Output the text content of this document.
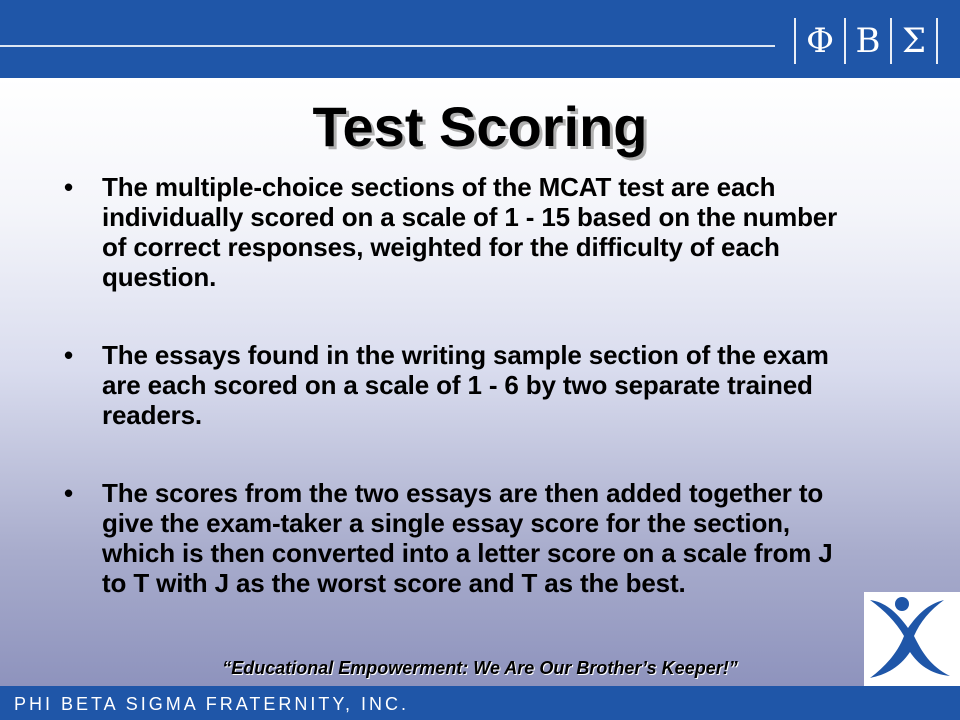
Φ Β Σ
Test Scoring
• The multiple-choice sections of the MCAT test are each individually scored on a scale of 1 - 15 based on the number of correct responses, weighted for the difficulty of each question.
• The essays found in the writing sample section of the exam are each scored on a scale of 1 - 6 by two separate trained readers.
• The scores from the two essays are then added together to give the exam-taker a single essay score for the section, which is then converted into a letter score on a scale from J to T with J as the worst score and T as the best.
“Educational Empowerment: We Are Our Brother’s Keeper!”
PHI BETA SIGMA FRATERNITY, INC.
